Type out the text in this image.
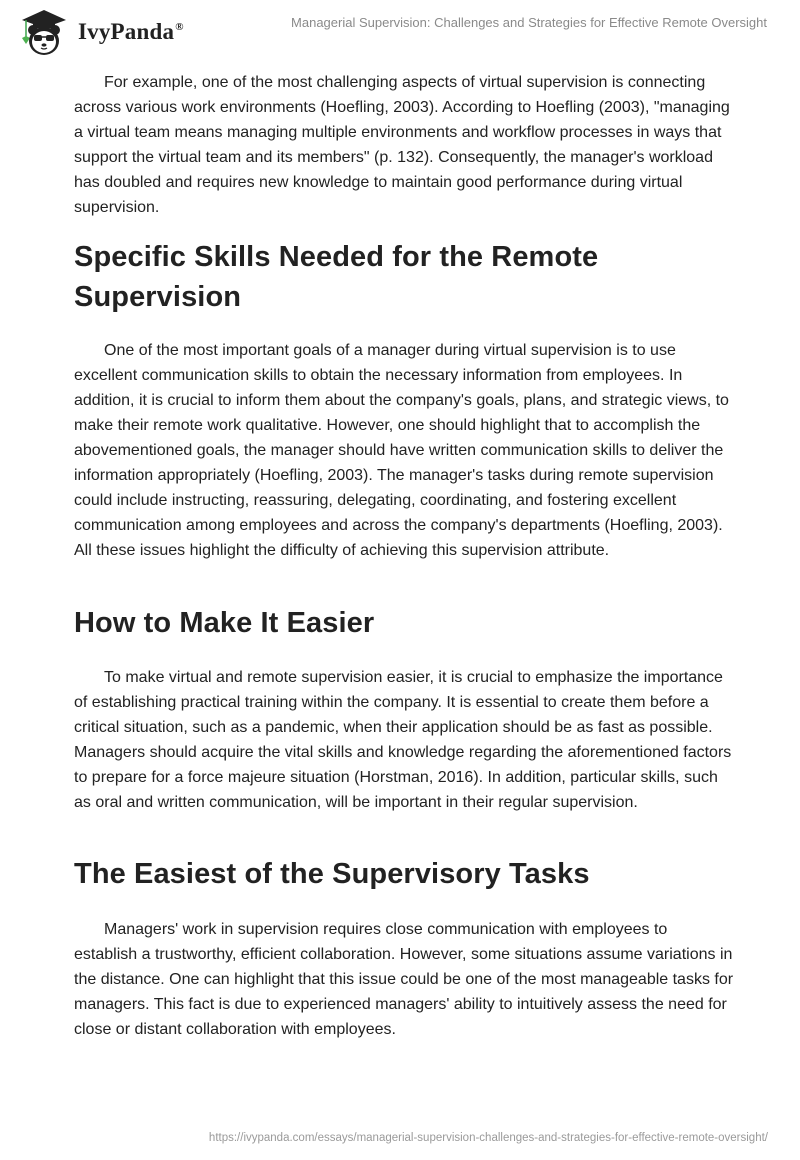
IvyPanda®	Managerial Supervision: Challenges and Strategies for Effective Remote Oversight

For example, one of the most challenging aspects of virtual supervision is connecting across various work environments (Hoefling, 2003). According to Hoefling (2003), "managing a virtual team means managing multiple environments and workflow processes in ways that support the virtual team and its members" (p. 132). Consequently, the manager's workload has doubled and requires new knowledge to maintain good performance during virtual supervision.

Specific Skills Needed for the Remote Supervision

One of the most important goals of a manager during virtual supervision is to use excellent communication skills to obtain the necessary information from employees. In addition, it is crucial to inform them about the company's goals, plans, and strategic views, to make their remote work qualitative. However, one should highlight that to accomplish the abovementioned goals, the manager should have written communication skills to deliver the information appropriately (Hoefling, 2003). The manager's tasks during remote supervision could include instructing, reassuring, delegating, coordinating, and fostering excellent communication among employees and across the company's departments (Hoefling, 2003). All these issues highlight the difficulty of achieving this supervision attribute.

How to Make It Easier

To make virtual and remote supervision easier, it is crucial to emphasize the importance of establishing practical training within the company. It is essential to create them before a critical situation, such as a pandemic, when their application should be as fast as possible. Managers should acquire the vital skills and knowledge regarding the aforementioned factors to prepare for a force majeure situation (Horstman, 2016). In addition, particular skills, such as oral and written communication, will be important in their regular supervision.

The Easiest of the Supervisory Tasks

Managers' work in supervision requires close communication with employees to establish a trustworthy, efficient collaboration. However, some situations assume variations in the distance. One can highlight that this issue could be one of the most manageable tasks for managers. This fact is due to experienced managers' ability to intuitively assess the need for close or distant collaboration with employees.

https://ivypanda.com/essays/managerial-supervision-challenges-and-strategies-for-effective-remote-oversight/
